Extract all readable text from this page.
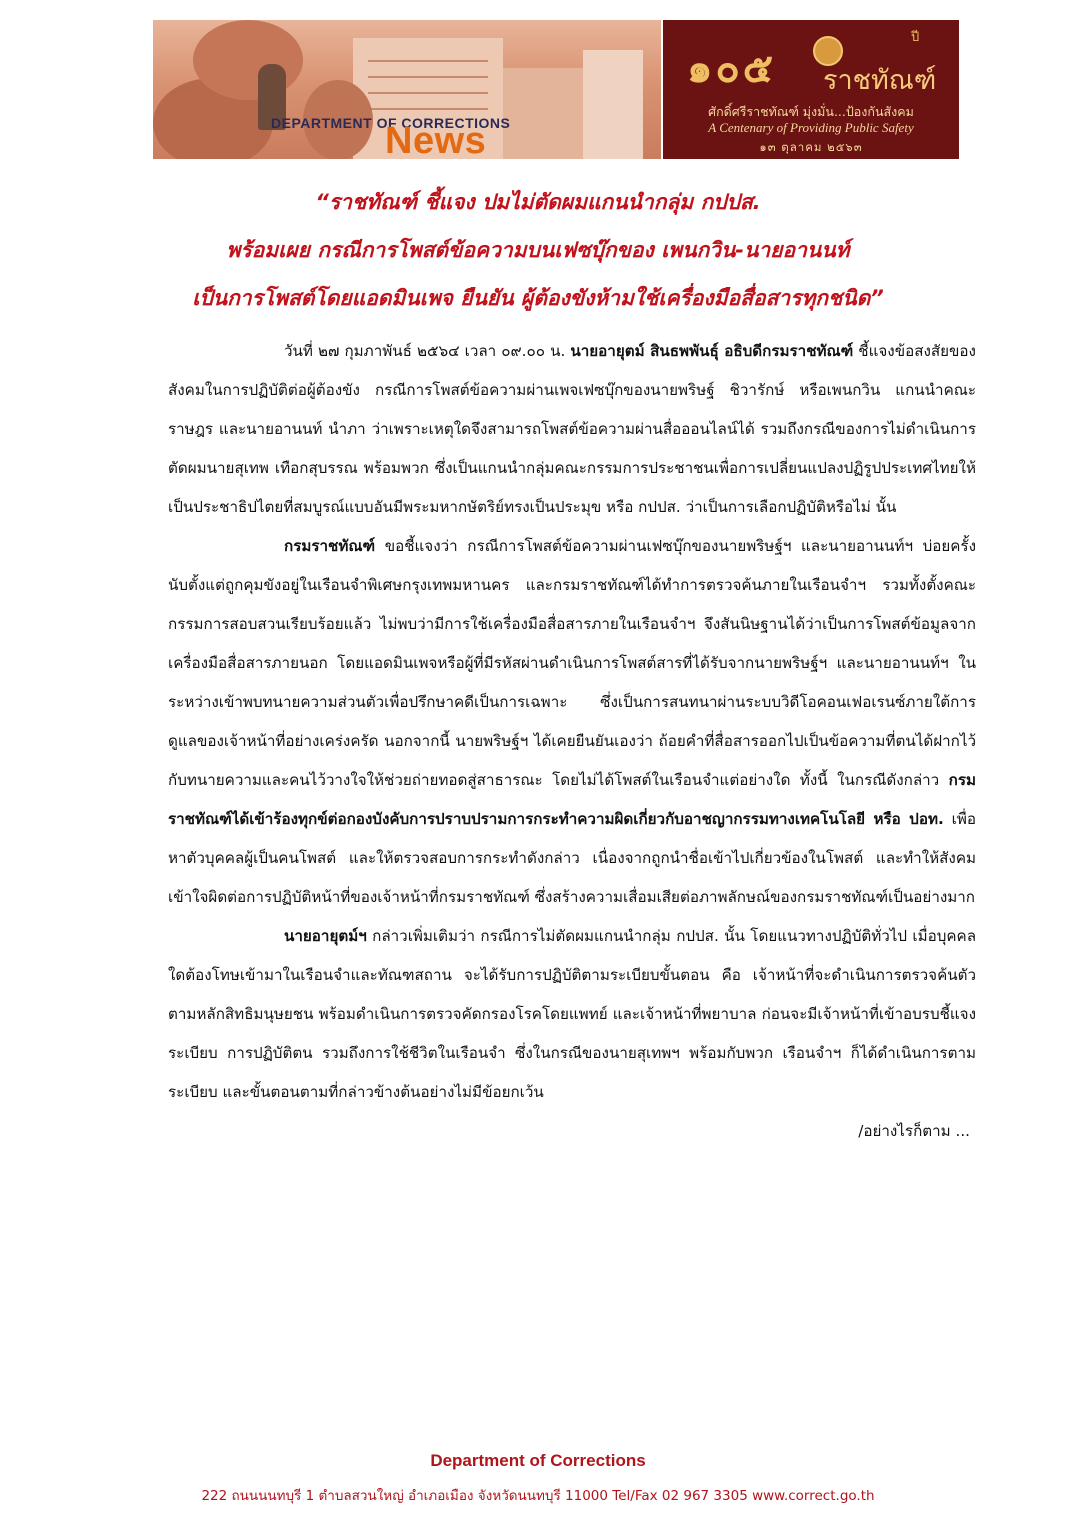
DEPARTMENT OF CORRECTIONS
News
๑๐๕
ปี
ราชทัณฑ์
ศักดิ์ศรีราชทัณฑ์ มุ่งมั่น...ป้องกันสังคม
A Centenary of Providing Public Safety
๑๓ ตุลาคม ๒๕๖๓
“ราชทัณฑ์ ชี้แจง ปมไม่ตัดผมแกนนำกลุ่ม กปปส.
พร้อมเผย กรณีการโพสต์ข้อความบนเฟซบุ๊กของ เพนกวิน-นายอานนท์
เป็นการโพสต์โดยแอดมินเพจ ยืนยัน ผู้ต้องขังห้ามใช้เครื่องมือสื่อสารทุกชนิด”

วันที่ ๒๗ กุมภาพันธ์ ๒๕๖๔ เวลา ๐๙.๐๐ น. นายอายุตม์ สินธพพันธุ์ อธิบดีกรมราชทัณฑ์ ชี้แจงข้อสงสัยของสังคมในการปฏิบัติต่อผู้ต้องขัง กรณีการโพสต์ข้อความผ่านเพจเฟซบุ๊กของนายพริษฐ์ ชิวารักษ์ หรือเพนกวิน แกนนำคณะราษฎร และนายอานนท์ นำภา ว่าเพราะเหตุใดจึงสามารถโพสต์ข้อความผ่านสื่อออนไลน์ได้ รวมถึงกรณีของการไม่ดำเนินการตัดผมนายสุเทพ เทือกสุบรรณ พร้อมพวก ซึ่งเป็นแกนนำกลุ่มคณะกรรมการประชาชนเพื่อการเปลี่ยนแปลงปฏิรูปประเทศไทยให้เป็นประชาธิปไตยที่สมบูรณ์แบบอันมีพระมหากษัตริย์ทรงเป็นประมุข หรือ กปปส. ว่าเป็นการเลือกปฏิบัติหรือไม่ นั้น

กรมราชทัณฑ์ ขอชี้แจงว่า กรณีการโพสต์ข้อความผ่านเฟซบุ๊กของนายพริษฐ์ฯ และนายอานนท์ฯ บ่อยครั้ง นับตั้งแต่ถูกคุมขังอยู่ในเรือนจำพิเศษกรุงเทพมหานคร และกรมราชทัณฑ์ได้ทำการตรวจค้นภายในเรือนจำฯ รวมทั้งตั้งคณะกรรมการสอบสวนเรียบร้อยแล้ว ไม่พบว่ามีการใช้เครื่องมือสื่อสารภายในเรือนจำฯ จึงสันนิษฐานได้ว่าเป็นการโพสต์ข้อมูลจากเครื่องมือสื่อสารภายนอก โดยแอดมินเพจหรือผู้ที่มีรหัสผ่านดำเนินการโพสต์สารที่ได้รับจากนายพริษฐ์ฯ และนายอานนท์ฯ ในระหว่างเข้าพบทนายความส่วนตัวเพื่อปรึกษาคดีเป็นการเฉพาะ ซึ่งเป็นการสนทนาผ่านระบบวิดีโอคอนเฟอเรนซ์ภายใต้การดูแลของเจ้าหน้าที่อย่างเคร่งครัด นอกจากนี้ นายพริษฐ์ฯ ได้เคยยืนยันเองว่า ถ้อยคำที่สื่อสารออกไปเป็นข้อความที่ตนได้ฝากไว้กับทนายความและคนไว้วางใจให้ช่วยถ่ายทอดสู่สาธารณะ โดยไม่ได้โพสต์ในเรือนจำแต่อย่างใด ทั้งนี้ ในกรณีดังกล่าว กรมราชทัณฑ์ได้เข้าร้องทุกข์ต่อกองบังคับการปราบปรามการกระทำความผิดเกี่ยวกับอาชญากรรมทางเทคโนโลยี หรือ ปอท. เพื่อหาตัวบุคคลผู้เป็นคนโพสต์ และให้ตรวจสอบการกระทำดังกล่าว เนื่องจากถูกนำชื่อเข้าไปเกี่ยวข้องในโพสต์ และทำให้สังคมเข้าใจผิดต่อการปฏิบัติหน้าที่ของเจ้าหน้าที่กรมราชทัณฑ์ ซึ่งสร้างความเสื่อมเสียต่อภาพลักษณ์ของกรมราชทัณฑ์เป็นอย่างมาก

นายอายุตม์ฯ กล่าวเพิ่มเติมว่า กรณีการไม่ตัดผมแกนนำกลุ่ม กปปส. นั้น โดยแนวทางปฏิบัติทั่วไป เมื่อบุคคลใดต้องโทษเข้ามาในเรือนจำและทัณฑสถาน จะได้รับการปฏิบัติตามระเบียบขั้นตอน คือ เจ้าหน้าที่จะดำเนินการตรวจค้นตัวตามหลักสิทธิมนุษยชน พร้อมดำเนินการตรวจคัดกรองโรคโดยแพทย์ และเจ้าหน้าที่พยาบาล ก่อนจะมีเจ้าหน้าที่เข้าอบรบชี้แจงระเบียบ การปฏิบัติตน รวมถึงการใช้ชีวิตในเรือนจำ ซึ่งในกรณีของนายสุเทพฯ พร้อมกับพวก เรือนจำฯ ก็ได้ดำเนินการตามระเบียบ และขั้นตอนตามที่กล่าวข้างต้นอย่างไม่มีข้อยกเว้น

/อย่างไรก็ตาม ...

Department of Corrections
222 ถนนนนทบุรี 1 ตำบลสวนใหญ่ อำเภอเมือง จังหวัดนนทบุรี 11000 Tel/Fax 02 967 3305 www.correct.go.th
